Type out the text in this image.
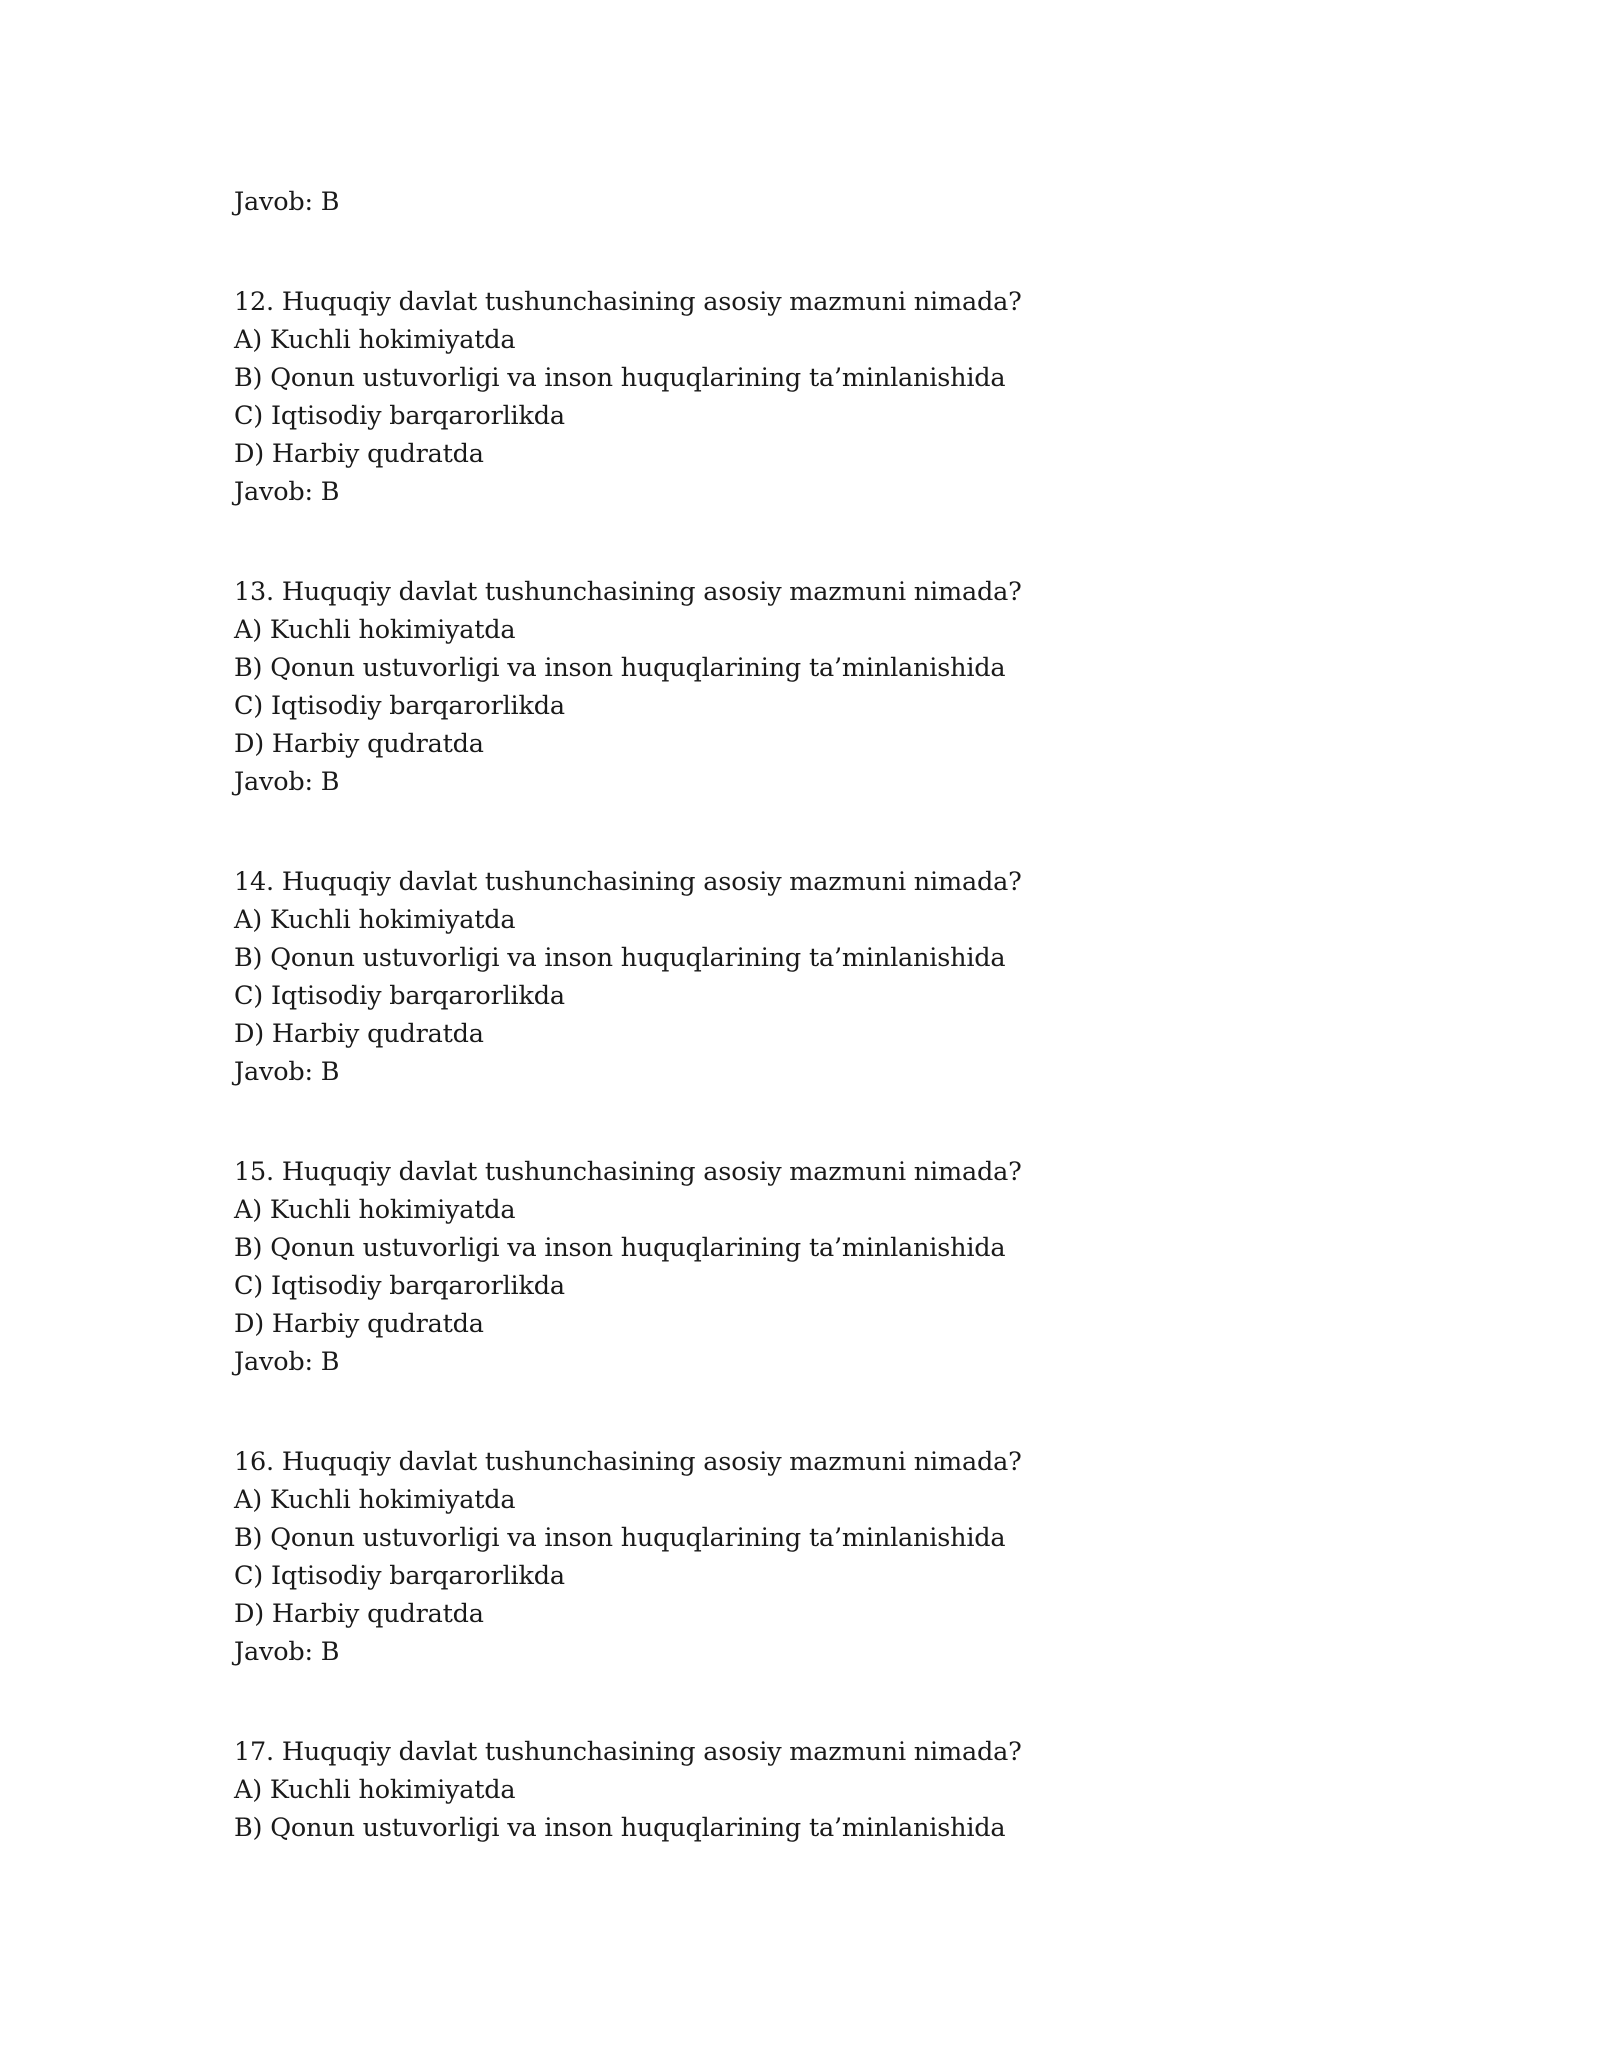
Javob: B
12. Huquqiy davlat tushunchasining asosiy mazmuni nimada?
A) Kuchli hokimiyatda
B) Qonun ustuvorligi va inson huquqlarining ta’minlanishida
C) Iqtisodiy barqarorlikda
D) Harbiy qudratda
Javob: B
13. Huquqiy davlat tushunchasining asosiy mazmuni nimada?
A) Kuchli hokimiyatda
B) Qonun ustuvorligi va inson huquqlarining ta’minlanishida
C) Iqtisodiy barqarorlikda
D) Harbiy qudratda
Javob: B
14. Huquqiy davlat tushunchasining asosiy mazmuni nimada?
A) Kuchli hokimiyatda
B) Qonun ustuvorligi va inson huquqlarining ta’minlanishida
C) Iqtisodiy barqarorlikda
D) Harbiy qudratda
Javob: B
15. Huquqiy davlat tushunchasining asosiy mazmuni nimada?
A) Kuchli hokimiyatda
B) Qonun ustuvorligi va inson huquqlarining ta’minlanishida
C) Iqtisodiy barqarorlikda
D) Harbiy qudratda
Javob: B
16. Huquqiy davlat tushunchasining asosiy mazmuni nimada?
A) Kuchli hokimiyatda
B) Qonun ustuvorligi va inson huquqlarining ta’minlanishida
C) Iqtisodiy barqarorlikda
D) Harbiy qudratda
Javob: B
17. Huquqiy davlat tushunchasining asosiy mazmuni nimada?
A) Kuchli hokimiyatda
B) Qonun ustuvorligi va inson huquqlarining ta’minlanishida
